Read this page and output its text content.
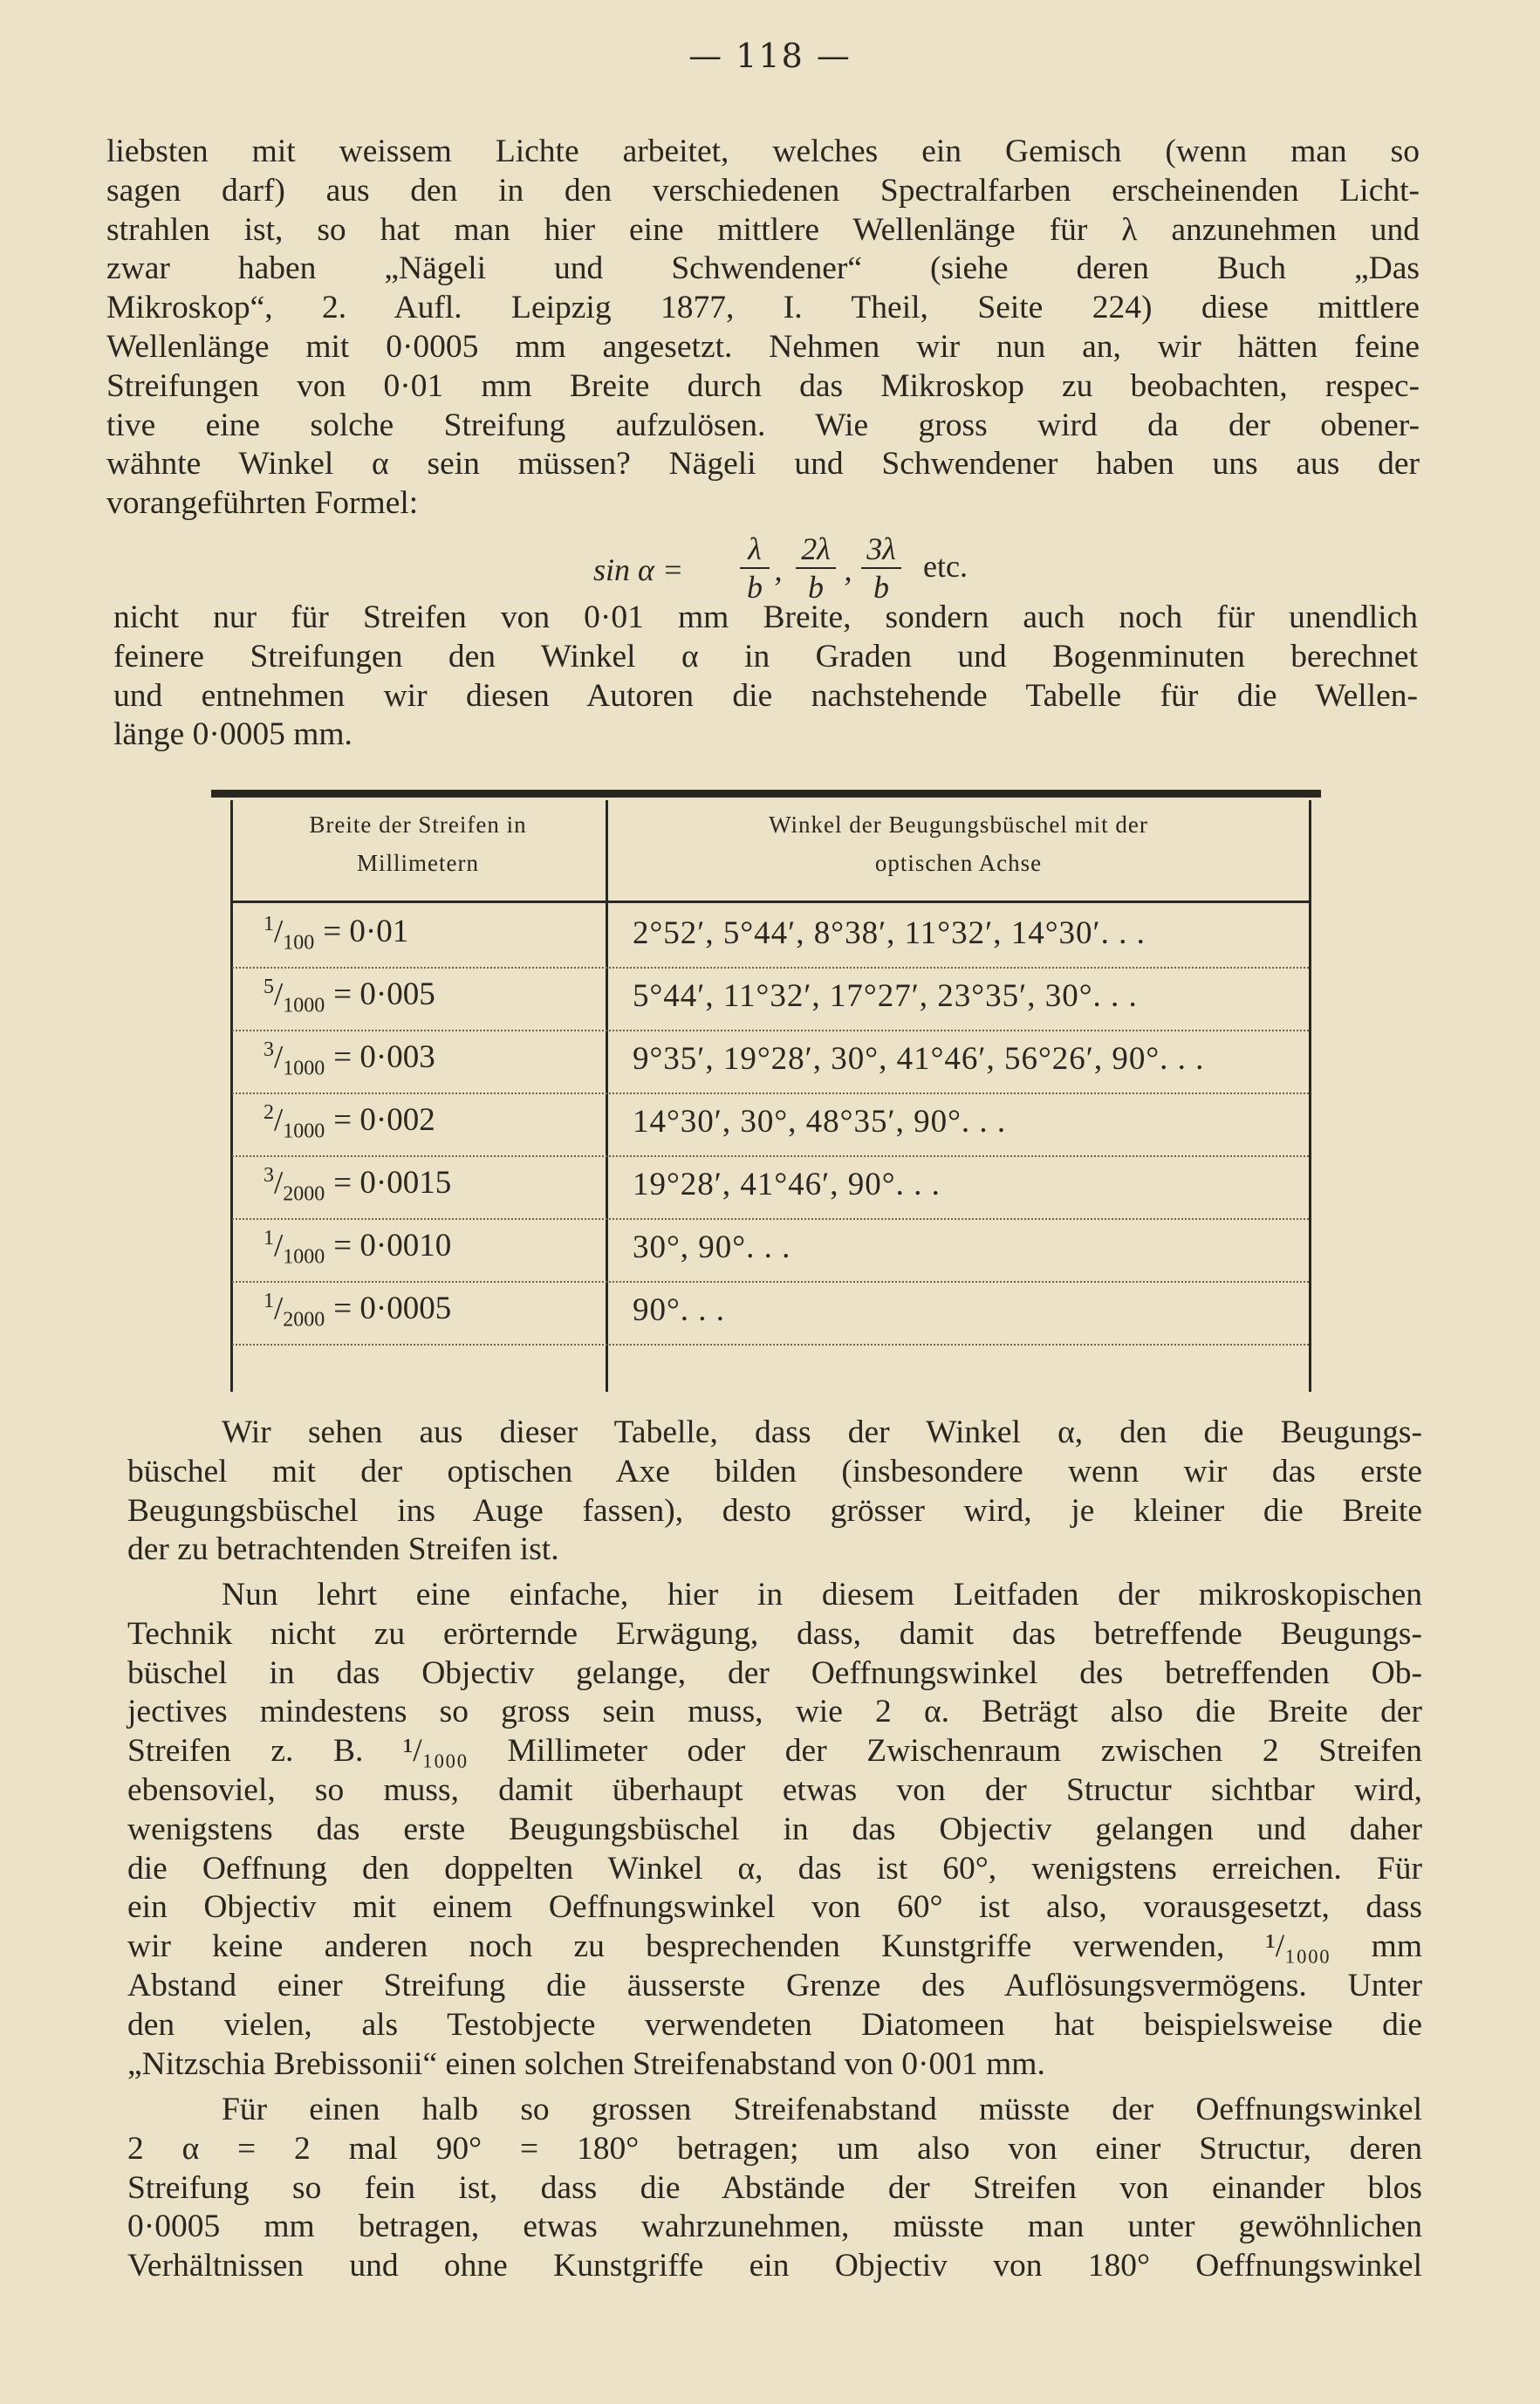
— 118 —
liebsten mit weissem Lichte arbeitet, welches ein Gemisch (wenn man so
sagen darf) aus den in den verschiedenen Spectralfarben erscheinenden Licht-
strahlen ist, so hat man hier eine mittlere Wellenlänge für λ anzunehmen und
zwar haben „Nägeli und Schwendener“ (siehe deren Buch „Das
Mikroskop“, 2. Aufl. Leipzig 1877, I. Theil, Seite 224) diese mittlere
Wellenlänge mit 0·0005 mm angesetzt. Nehmen wir nun an, wir hätten feine
Streifungen von 0·01 mm Breite durch das Mikroskop zu beobachten, respec-
tive eine solche Streifung aufzulösen. Wie gross wird da der obener-
wähnte Winkel α sein müssen? Nägeli und Schwendener haben uns aus der
vorangeführten Formel:
sin α =
λ
b ,
2λ
b ,
3λ
b
etc.
nicht nur für Streifen von 0·01 mm Breite, sondern auch noch für unendlich
feinere Streifungen den Winkel α in Graden und Bogenminuten berechnet
und entnehmen wir diesen Autoren die nachstehende Tabelle für die Wellen-
länge 0·0005 mm.
Breite der Streifen in
Millimetern
Winkel der Beugungsbüschel mit der
optischen Achse
$^1/_{100} = 0\cdot 01$	2°52′, 5°44′, 8°38′, 11°32′, 14°30′. . .
$^5/_{1000} = 0\cdot 005$	5°44′, 11°32′, 17°27′, 23°35′, 30°. . .
$^3/_{1000} = 0\cdot 003$	9°35′, 19°28′, 30°, 41°46′, 56°26′, 90°. . .
$^2/_{1000} = 0\cdot 002$	14°30′, 30°, 48°35′, 90°. . .
$^3/_{2000} = 0\cdot 0015$	19°28′, 41°46′, 90°. . .
$^1/_{1000} = 0\cdot 0010$	30°, 90°. . .
$^1/_{2000} = 0\cdot 0005$	90°. . .
Wir sehen aus dieser Tabelle, dass der Winkel α, den die Beugungs-
büschel mit der optischen Axe bilden (insbesondere wenn wir das erste
Beugungsbüschel ins Auge fassen), desto grösser wird, je kleiner die Breite
der zu betrachtenden Streifen ist.
Nun lehrt eine einfache, hier in diesem Leitfaden der mikroskopischen
Technik nicht zu erörternde Erwägung, dass, damit das betreffende Beugungs-
büschel in das Objectiv gelange, der Oeffnungswinkel des betreffenden Ob-
jectives mindestens so gross sein muss, wie 2 α. Beträgt also die Breite der
Streifen z. B. ¹/₁₀₀₀ Millimeter oder der Zwischenraum zwischen 2 Streifen
ebensoviel, so muss, damit überhaupt etwas von der Structur sichtbar wird,
wenigstens das erste Beugungsbüschel in das Objectiv gelangen und daher
die Oeffnung den doppelten Winkel α, das ist 60°, wenigstens erreichen. Für
ein Objectiv mit einem Oeffnungswinkel von 60° ist also, vorausgesetzt, dass
wir keine anderen noch zu besprechenden Kunstgriffe verwenden, ¹/₁₀₀₀ mm
Abstand einer Streifung die äusserste Grenze des Auflösungsvermögens. Unter
den vielen, als Testobjecte verwendeten Diatomeen hat beispielsweise die
„Nitzschia Brebissonii“ einen solchen Streifenabstand von 0·001 mm.
Für einen halb so grossen Streifenabstand müsste der Oeffnungswinkel
2 α = 2 mal 90° = 180° betragen; um also von einer Structur, deren
Streifung so fein ist, dass die Abstände der Streifen von einander blos
0·0005 mm betragen, etwas wahrzunehmen, müsste man unter gewöhnlichen
Verhältnissen und ohne Kunstgriffe ein Objectiv von 180° Oeffnungswinkel
